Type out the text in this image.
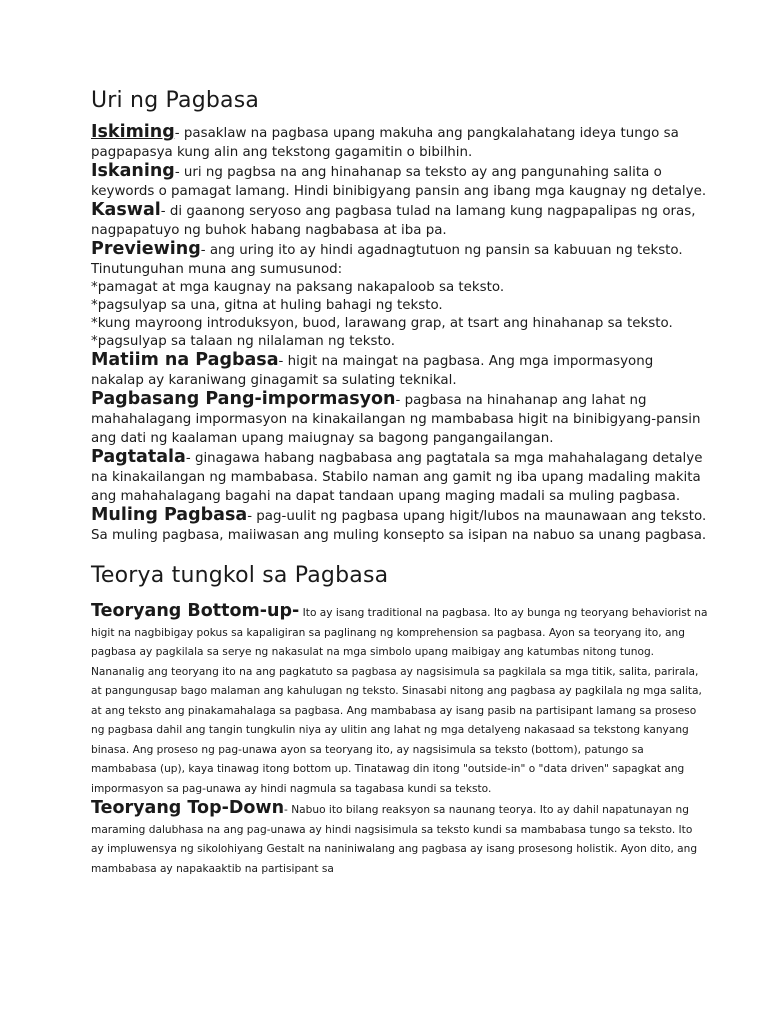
Uri ng Pagbasa

Iskiming- pasaklaw na pagbasa upang makuha ang pangkalahatang ideya tungo sa pagpapasya kung alin ang tekstong gagamitin o bibilhin.

Iskaning- uri ng pagbsa na ang hinahanap sa teksto ay ang pangunahing salita o keywords o pamagat lamang. Hindi binibigyang pansin ang ibang mga kaugnay ng detalye.

Kaswal- di gaanong seryoso ang pagbasa tulad na lamang kung nagpapalipas ng oras, nagpapatuyo ng buhok habang nagbabasa at iba pa.

Previewing- ang uring ito ay hindi agadnagtutuon ng pansin sa kabuuan ng teksto. Tinutunguhan muna ang sumusunod:

*pamagat at mga kaugnay na paksang nakapaloob sa teksto.

*pagsulyap sa una, gitna at huling bahagi ng teksto.

*kung mayroong introduksyon, buod, larawang grap, at tsart ang hinahanap sa teksto.

*pagsulyap sa talaan ng nilalaman ng teksto.

Matiim na Pagbasa- higit na maingat na pagbasa. Ang mga impormasyong nakalap ay karaniwang ginagamit sa sulating teknikal.

Pagbasang Pang-impormasyon- pagbasa na hinahanap ang lahat ng mahahalagang impormasyon na kinakailangan ng mambabasa higit na binibigyang-pansin ang dati ng kaalaman upang maiugnay sa bagong pangangailangan.

Pagtatala- ginagawa habang nagbabasa ang pagtatala sa mga mahahalagang detalye na kinakailangan ng mambabasa. Stabilo naman ang gamit ng iba upang madaling makita ang mahahalagang bagahi na dapat tandaan upang maging madali sa muling pagbasa.

Muling Pagbasa- pag-uulit ng pagbasa upang higit/lubos na maunawaan ang teksto. Sa muling pagbasa, maiiwasan ang muling konsepto sa isipan na nabuo sa unang pagbasa.

Teorya tungkol sa Pagbasa

Teoryang Bottom-up- Ito ay isang traditional na pagbasa. Ito ay bunga ng teoryang behaviorist na higit na nagbibigay pokus sa kapaligiran sa paglinang ng komprehension sa pagbasa. Ayon sa teoryang ito, ang pagbasa ay pagkilala sa serye ng nakasulat na mga simbolo upang maibigay ang katumbas nitong tunog. Nananalig ang teoryang ito na ang pagkatuto sa pagbasa ay nagsisimula sa pagkilala sa mga titik, salita, parirala, at pangungusap bago malaman ang kahulugan ng teksto. Sinasabi nitong ang pagbasa ay pagkilala ng mga salita, at ang teksto ang pinakamahalaga sa pagbasa. Ang mambabasa ay isang pasib na partisipant lamang sa proseso ng pagbasa dahil ang tangin tungkulin niya ay ulitin ang lahat ng mga detalyeng nakasaad sa tekstong kanyang binasa. Ang proseso ng pag-unawa ayon sa teoryang ito, ay nagsisimula sa teksto (bottom), patungo sa mambabasa (up), kaya tinawag itong bottom up. Tinatawag din itong "outside-in" o "data driven" sapagkat ang impormasyon sa pag-unawa ay hindi nagmula sa tagabasa kundi sa teksto.

Teoryang Top-Down- Nabuo ito bilang reaksyon sa naunang teorya. Ito ay dahil napatunayan ng maraming dalubhasa na ang pag-unawa ay hindi nagsisimula sa teksto kundi sa mambabasa tungo sa teksto. Ito ay impluwensya ng sikolohiyang Gestalt na naniniwalang ang pagbasa ay isang prosesong holistik. Ayon dito, ang mambabasa ay napakaaktib na partisipant sa
